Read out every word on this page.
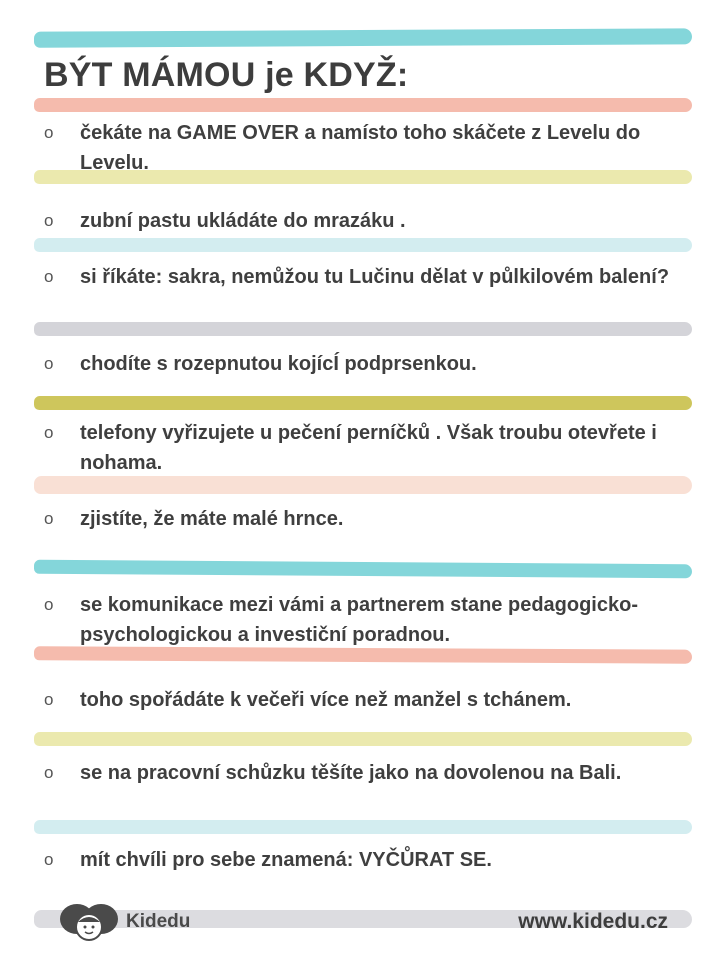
BÝT MÁMOU je KDYŽ:
o	čekáte na GAME OVER a namísto toho skáčete z Levelu do Levelu.
o	zubní pastu ukládáte do mrazáku .
o	si říkáte: sakra, nemůžou tu Lučinu dělat v půlkilovém balení?
o	chodíte s rozepnutou kojícÍ podprsenkou.
o	telefony vyřizujete u pečení perníčků . Však troubu otevřete i nohama.
o	zjistíte, že máte malé hrnce.
o	se komunikace mezi vámi a partnerem stane pedagogicko-psychologickou a investiční poradnou.
o	toho spořádáte k večeři více než manžel s tchánem.
o	se na pracovní schůzku těšíte jako na dovolenou na Bali.
o	mít chvíli pro sebe znamená: VYČŮRAT SE.
Kidedu	www.kidedu.cz
